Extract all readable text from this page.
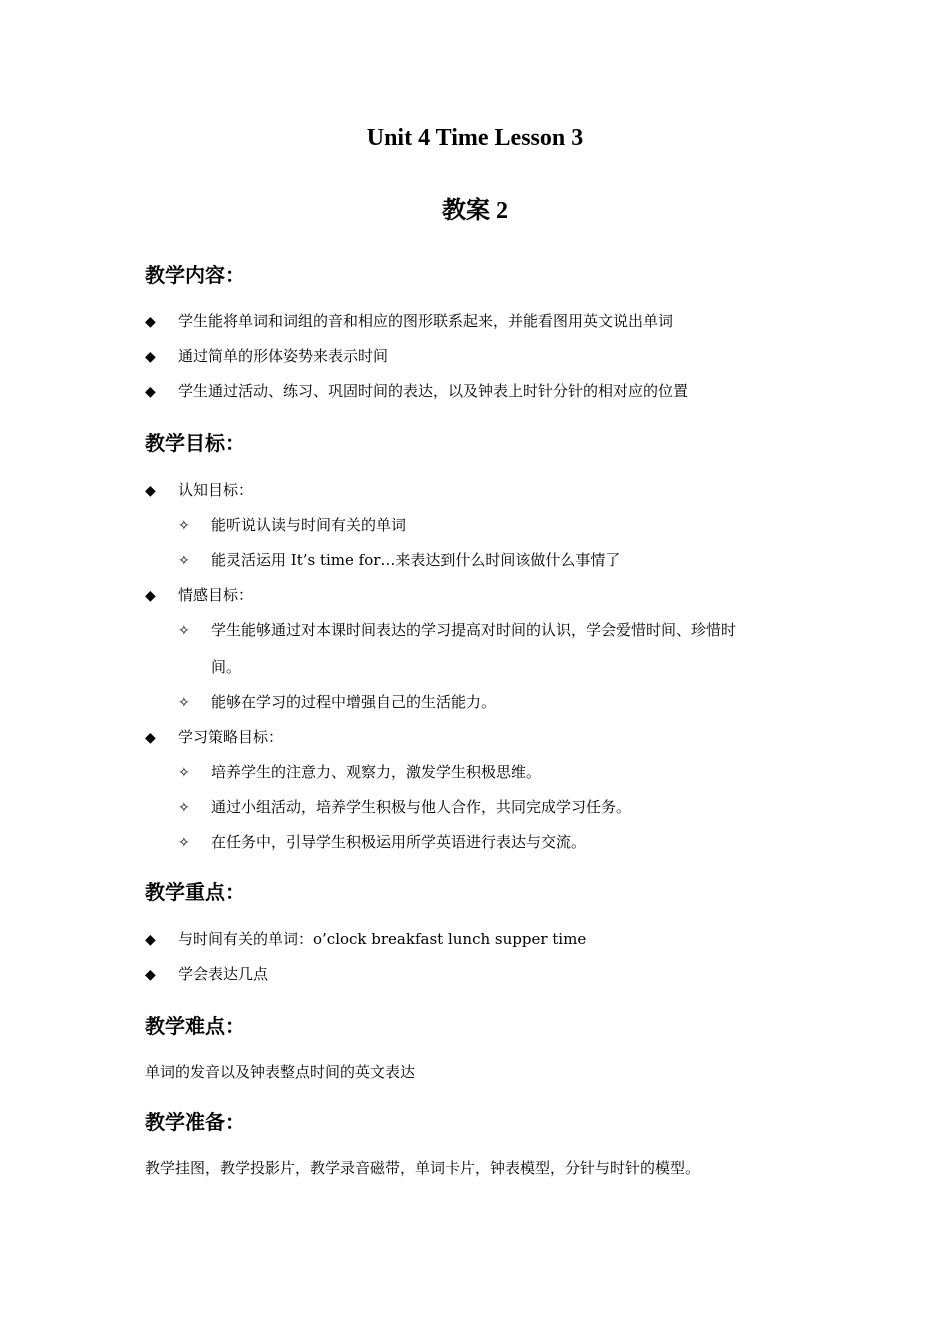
Unit 4 Time Lesson 3
教案 2
教学内容：
◆ 学生能将单词和词组的音和相应的图形联系起来，并能看图用英文说出单词
◆ 通过简单的形体姿势来表示时间
◆ 学生通过活动、练习、巩固时间的表达，以及钟表上时针分针的相对应的位置
教学目标：
◆ 认知目标：
✧ 能听说认读与时间有关的单词
✧ 能灵活运用 It’s time for…来表达到什么时间该做什么事情了
◆ 情感目标：
✧ 学生能够通过对本课时间表达的学习提高对时间的认识，学会爱惜时间、珍惜时
间。
✧ 能够在学习的过程中增强自己的生活能力。
◆ 学习策略目标：
✧ 培养学生的注意力、观察力，激发学生积极思维。
✧ 通过小组活动，培养学生积极与他人合作，共同完成学习任务。
✧ 在任务中，引导学生积极运用所学英语进行表达与交流。
教学重点：
◆ 与时间有关的单词：o’clock breakfast lunch supper time
◆ 学会表达几点
教学难点：
单词的发音以及钟表整点时间的英文表达
教学准备：
教学挂图，教学投影片，教学录音磁带，单词卡片，钟表模型，分针与时针的模型。
